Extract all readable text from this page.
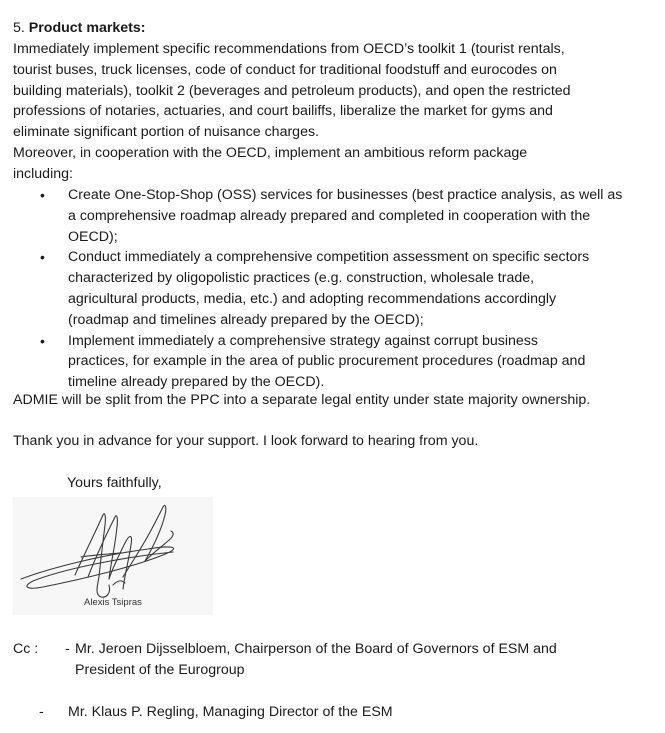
5. Product markets:
Immediately implement specific recommendations from OECD’s toolkit 1 (tourist rentals,
tourist buses, truck licenses, code of conduct for traditional foodstuff and eurocodes on
building materials), toolkit 2 (beverages and petroleum products), and open the restricted
professions of notaries, actuaries, and court bailiffs, liberalize the market for gyms and
eliminate significant portion of nuisance charges.
Moreover, in cooperation with the OECD, implement an ambitious reform package
including:
• Create One-Stop-Shop (OSS) services for businesses (best practice analysis, as well as
a comprehensive roadmap already prepared and completed in cooperation with the
OECD);
• Conduct immediately a comprehensive competition assessment on specific sectors
characterized by oligopolistic practices (e.g. construction, wholesale trade,
agricultural products, media, etc.) and adopting recommendations accordingly
(roadmap and timelines already prepared by the OECD);
• Implement immediately a comprehensive strategy against corrupt business
practices, for example in the area of public procurement procedures (roadmap and
timeline already prepared by the OECD).
ADMIE will be split from the PPC into a separate legal entity under state majority ownership.
Thank you in advance for your support. I look forward to hearing from you.
Yours faithfully,
Alexis Tsipras
Cc : - Mr. Jeroen Dijsselbloem, Chairperson of the Board of Governors of ESM and
President of the Eurogroup
- Mr. Klaus P. Regling, Managing Director of the ESM
